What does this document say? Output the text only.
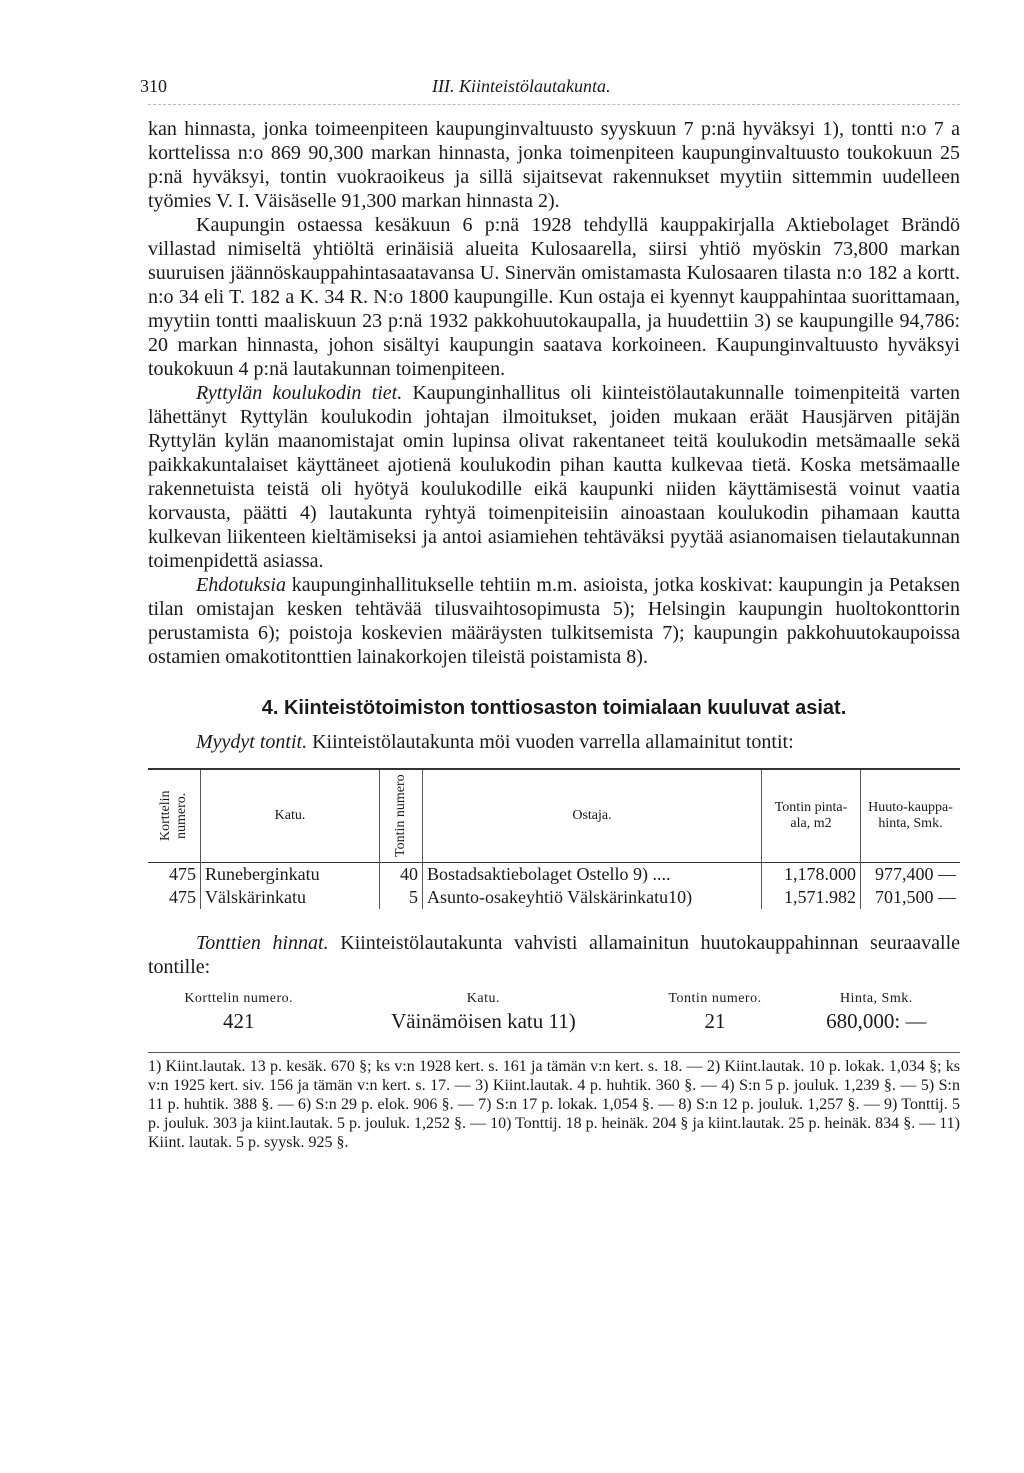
310	III. Kiinteistölautakunta.

kan hinnasta, jonka toimeenpiteen kaupunginvaltuusto syyskuun 7 p:nä hyväksyi 1), tontti n:o 7 a korttelissa n:o 869 90,300 markan hinnasta, jonka toimenpiteen kaupunginvaltuusto toukokuun 25 p:nä hyväksyi, tontin vuokraoikeus ja sillä sijaitsevat rakennukset myytiin sittemmin uudelleen työmies V. I. Väisäselle 91,300 markan hinnasta 2).

Kaupungin ostaessa kesäkuun 6 p:nä 1928 tehdyllä kauppakirjalla Aktiebolaget Brändö villastad nimiseltä yhtiöltä erinäisiä alueita Kulosaarella, siirsi yhtiö myöskin 73,800 markan suuruisen jäännöskauppahintasaatavansa U. Sinervän omistamasta Kulosaaren tilasta n:o 182 a kortt. n:o 34 eli T. 182 a K. 34 R. N:o 1800 kaupungille. Kun ostaja ei kyennyt kauppahintaa suorittamaan, myytiin tontti maaliskuun 23 p:nä 1932 pakkohuutokaupalla, ja huudettiin 3) se kaupungille 94,786: 20 markan hinnasta, johon sisältyi kaupungin saatava korkoineen. Kaupunginvaltuusto hyväksyi toukokuun 4 p:nä lautakunnan toimenpiteen.

Ryttylän koulukodin tiet. Kaupunginhallitus oli kiinteistölautakunnalle toimenpiteitä varten lähettänyt Ryttylän koulukodin johtajan ilmoitukset, joiden mukaan eräät Hausjärven pitäjän Ryttylän kylän maanomistajat omin lupinsa olivat rakentaneet teitä koulukodin metsämaalle sekä paikkakuntalaiset käyttäneet ajotienä koulukodin pihan kautta kulkevaa tietä. Koska metsämaalle rakennetuista teistä oli hyötyä koulukodille eikä kaupunki niiden käyttämisestä voinut vaatia korvausta, päätti 4) lautakunta ryhtyä toimenpiteisiin ainoastaan koulukodin pihamaan kautta kulkevan liikenteen kieltämiseksi ja antoi asiamiehen tehtäväksi pyytää asianomaisen tielautakunnan toimenpidettä asiassa.

Ehdotuksia kaupunginhallitukselle tehtiin m.m. asioista, jotka koskivat: kaupungin ja Petaksen tilan omistajan kesken tehtävää tilusvaihtosopimusta 5); Helsingin kaupungin huoltokonttorin perustamista 6); poistoja koskevien määräysten tulkitsemista 7); kaupungin pakkohuutokaupoissa ostamien omakotitonttien lainakorkojen tileistä poistamista 8).

4. Kiinteistötoimiston tonttiosaston toimialaan kuuluvat asiat.

Myydyt tontit. Kiinteistölautakunta möi vuoden varrella allamainitut tontit:

Korttelin numero.	Katu.	Tontin numero	Ostaja.	Tontin pinta-ala, m2	Huuto-kauppa-hinta, Smk.
475	Runeberginkatu	40	Bostadsaktiebolaget Ostello 9) ....	1,178.000	977,400 —
475	Välskärinkatu	5	Asunto-osakeyhtiö Välskärinkatu10)	1,571.982	701,500 —

Tonttien hinnat. Kiinteistölautakunta vahvisti allamainitun huutokauppahinnan seuraavalle tontille:

Korttelin numero.	Katu.	Tontin numero.	Hinta, Smk.
421	Väinämöisen katu 11)	21	680,000: —

1) Kiint.lautak. 13 p. kesäk. 670 §; ks v:n 1928 kert. s. 161 ja tämän v:n kert. s. 18. — 2) Kiint.lautak. 10 p. lokak. 1,034 §; ks v:n 1925 kert. siv. 156 ja tämän v:n kert. s. 17. — 3) Kiint.lautak. 4 p. huhtik. 360 §. — 4) S:n 5 p. jouluk. 1,239 §. — 5) S:n 11 p. huhtik. 388 §. — 6) S:n 29 p. elok. 906 §. — 7) S:n 17 p. lokak. 1,054 §. — 8) S:n 12 p. jouluk. 1,257 §. — 9) Tonttij. 5 p. jouluk. 303 ja kiint.lautak. 5 p. jouluk. 1,252 §. — 10) Tonttij. 18 p. heinäk. 204 § ja kiint.lautak. 25 p. heinäk. 834 §. — 11) Kiint. lautak. 5 p. syysk. 925 §.
